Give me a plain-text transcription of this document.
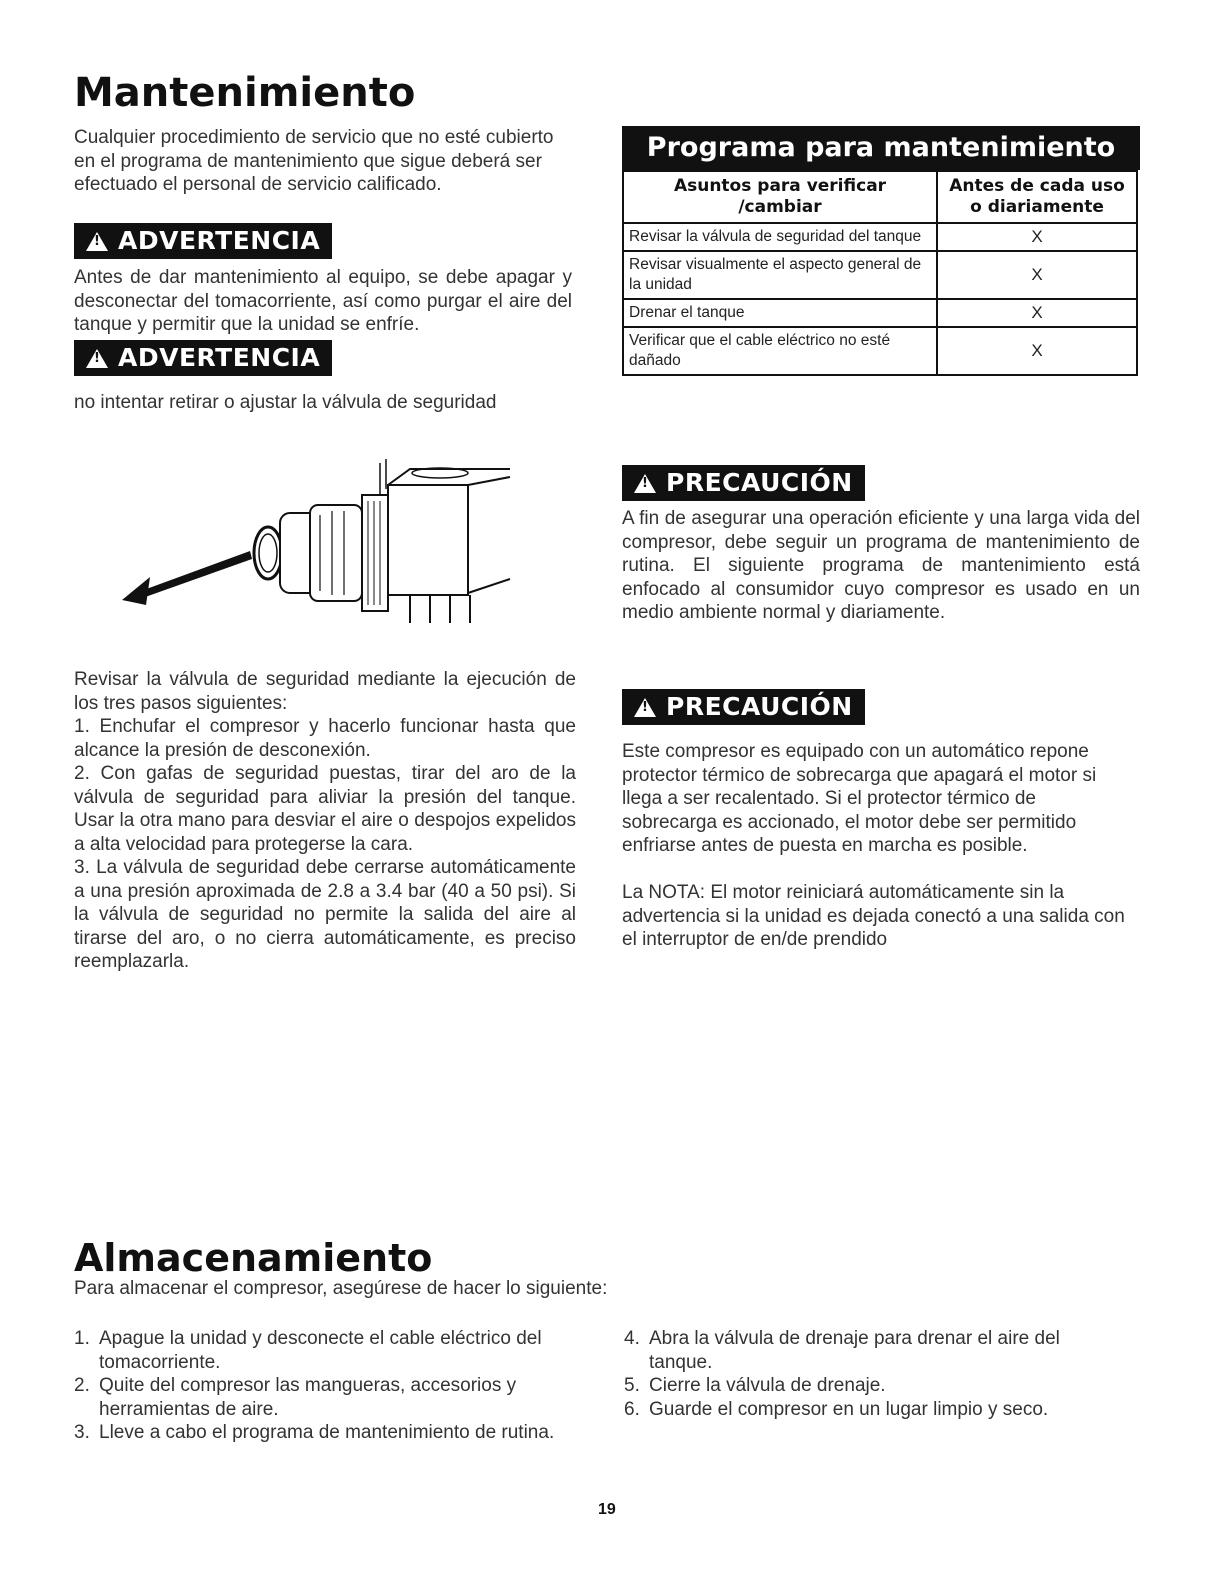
Mantenimiento
Cualquier procedimiento de servicio que no esté cubierto en el programa de mantenimiento que sigue deberá ser efectuado el personal de servicio calificado.
!
ADVERTENCIA
Antes de dar mantenimiento al equipo, se debe apagar y desconectar del tomacorriente, así como purgar el aire del tanque y permitir que la unidad se enfríe.
!
ADVERTENCIA
no intentar retirar o ajustar la válvula de seguridad
Revisar la válvula de seguridad mediante la ejecución de los tres pasos siguientes:
1. Enchufar el compresor y hacerlo funcionar hasta que alcance la presión de desconexión.
2. Con gafas de seguridad puestas, tirar del aro de la válvula de seguridad para aliviar la presión del tanque. Usar la otra mano para desviar el aire o despojos expelidos a alta velocidad para protegerse la cara.
3. La válvula de seguridad debe cerrarse automáticamente a una presión aproximada de 2.8 a 3.4 bar (40 a 50 psi). Si la válvula de seguridad no permite la salida del aire al tirarse del aro, o no cierra automáticamente, es preciso reemplazarla.
Programa para mantenimiento
Asuntos para verificar /cambiar	Antes de cada uso o diariamente
Revisar la válvula de seguridad del tanque	X
Revisar visualmente el aspecto general de la unidad	X
Drenar el tanque	X
Verificar que el cable eléctrico no esté dañado	X
!
PRECAUCIÓN
A fin de asegurar una operación eficiente y una larga vida del compresor, debe seguir un programa de mantenimiento de rutina. El siguiente programa de mantenimiento está enfocado al consumidor cuyo compresor es usado en un medio ambiente normal y diariamente.
!
PRECAUCIÓN
Este compresor es equipado con un automático repone protector térmico de sobrecarga que apagará el motor si llega a ser recalentado. Si el protector térmico de sobrecarga es accionado, el motor debe ser permitido enfriarse antes de puesta en marcha es posible.
La NOTA: El motor reiniciará automáticamente sin la advertencia si la unidad es dejada conectó a una salida con el interruptor de en/de prendido
Almacenamiento
Para almacenar el compresor, asegúrese de hacer lo siguiente:
1. Apague la unidad y desconecte el cable eléctrico del tomacorriente.
2. Quite del compresor las mangueras, accesorios y herramientas de aire.
3. Lleve a cabo el programa de mantenimiento de rutina.
4. Abra la válvula de drenaje para drenar el aire del tanque.
5. Cierre la válvula de drenaje.
6. Guarde el compresor en un lugar limpio y seco.
19
